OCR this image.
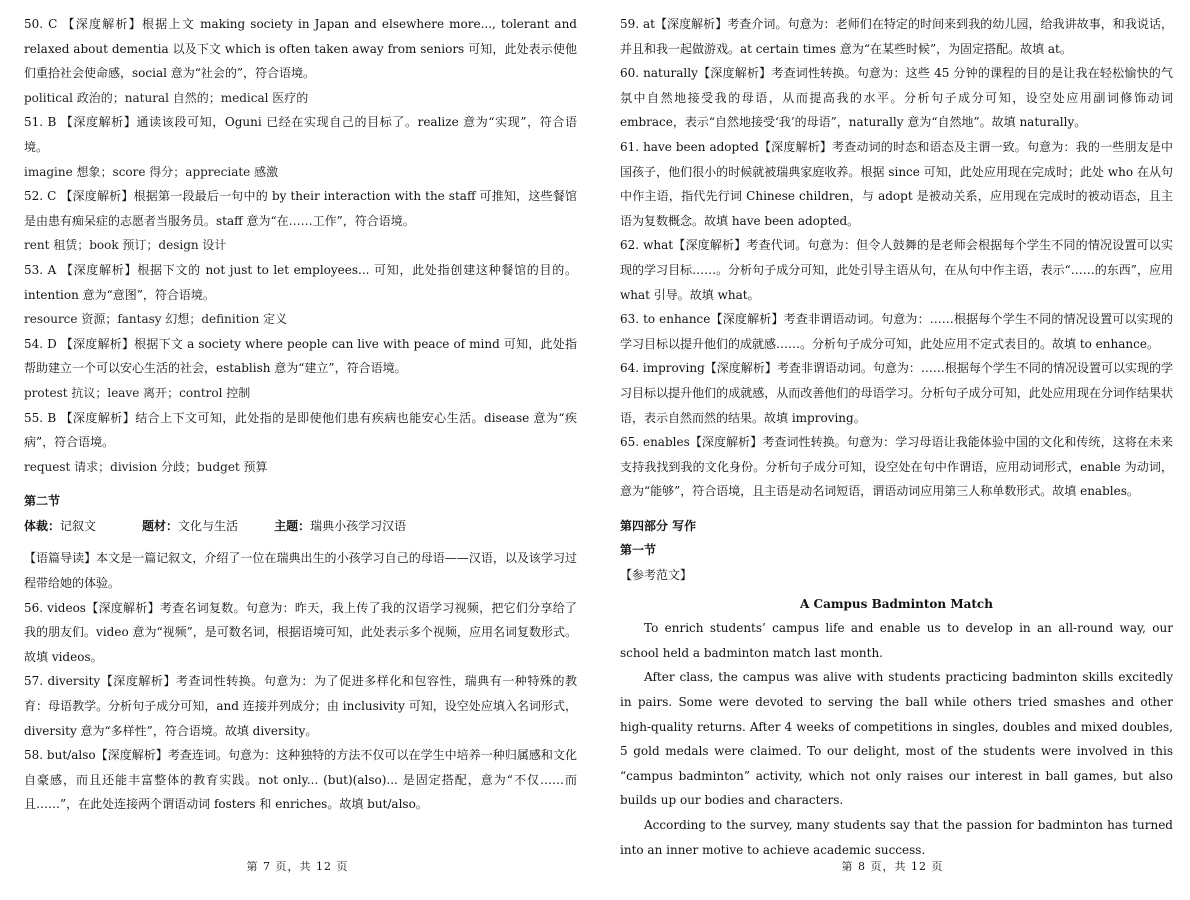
50. C 【深度解析】根据上文 making society in Japan and elsewhere more..., tolerant and relaxed about dementia 以及下文 which is often taken away from seniors 可知，此处表示使他们重拾社会使命感，social 意为“社会的”，符合语境。

political 政治的；natural 自然的；medical 医疗的

51. B 【深度解析】通读该段可知，Oguni 已经在实现自己的目标了。realize 意为“实现”，符合语境。

imagine 想象；score 得分；appreciate 感激

52. C 【深度解析】根据第一段最后一句中的 by their interaction with the staff 可推知，这些餐馆是由患有痴呆症的志愿者当服务员。staff 意为“在……工作”，符合语境。

rent 租赁；book 预订；design 设计

53. A 【深度解析】根据下文的 not just to let employees... 可知，此处指创建这种餐馆的目的。intention 意为“意图”，符合语境。

resource 资源；fantasy 幻想；definition 定义

54. D 【深度解析】根据下文 a society where people can live with peace of mind 可知，此处指帮助建立一个可以安心生活的社会，establish 意为“建立”，符合语境。

protest 抗议；leave 离开；control 控制

55. B 【深度解析】结合上下文可知，此处指的是即使他们患有疾病也能安心生活。disease 意为“疾病”，符合语境。

request 请求；division 分歧；budget 预算

第二节

体裁：记叙文	题材：文化与生活	主题：瑞典小孩学习汉语

【语篇导读】本文是一篇记叙文，介绍了一位在瑞典出生的小孩学习自己的母语——汉语，以及该学习过程带给她的体验。

56. videos【深度解析】考查名词复数。句意为：昨天，我上传了我的汉语学习视频，把它们分享给了我的朋友们。video 意为“视频”，是可数名词，根据语境可知，此处表示多个视频，应用名词复数形式。故填 videos。

57. diversity【深度解析】考查词性转换。句意为：为了促进多样化和包容性，瑞典有一种特殊的教育：母语教学。分析句子成分可知，and 连接并列成分；由 inclusivity 可知，设空处应填入名词形式，diversity 意为“多样性”，符合语境。故填 diversity。

58. but/also【深度解析】考查连词。句意为：这种独特的方法不仅可以在学生中培养一种归属感和文化自豪感，而且还能丰富整体的教育实践。not only... (but)(also)... 是固定搭配，意为“不仅……而且……”，在此处连接两个谓语动词 fosters 和 enriches。故填 but/also。

第 7 页，共 12 页

59. at【深度解析】考查介词。句意为：老师们在特定的时间来到我的幼儿园，给我讲故事，和我说话，并且和我一起做游戏。at certain times 意为“在某些时候”，为固定搭配。故填 at。

60. naturally【深度解析】考查词性转换。句意为：这些 45 分钟的课程的目的是让我在轻松愉快的气氛中自然地接受我的母语，从而提高我的水平。分析句子成分可知，设空处应用副词修饰动词 embrace，表示“自然地接受‘我’的母语”，naturally 意为“自然地”。故填 naturally。

61. have been adopted【深度解析】考查动词的时态和语态及主谓一致。句意为：我的一些朋友是中国孩子，他们很小的时候就被瑞典家庭收养。根据 since 可知，此处应用现在完成时；此处 who 在从句中作主语，指代先行词 Chinese children，与 adopt 是被动关系，应用现在完成时的被动语态，且主语为复数概念。故填 have been adopted。

62. what【深度解析】考查代词。句意为：但令人鼓舞的是老师会根据每个学生不同的情况设置可以实现的学习目标……。分析句子成分可知，此处引导主语从句，在从句中作主语，表示“……的东西”，应用 what 引导。故填 what。

63. to enhance【深度解析】考查非谓语动词。句意为：……根据每个学生不同的情况设置可以实现的学习目标以提升他们的成就感……。分析句子成分可知，此处应用不定式表目的。故填 to enhance。

64. improving【深度解析】考查非谓语动词。句意为：……根据每个学生不同的情况设置可以实现的学习目标以提升他们的成就感，从而改善他们的母语学习。分析句子成分可知，此处应用现在分词作结果状语，表示自然而然的结果。故填 improving。

65. enables【深度解析】考查词性转换。句意为：学习母语让我能体验中国的文化和传统，这将在未来支持我找到我的文化身份。分析句子成分可知，设空处在句中作谓语，应用动词形式，enable 为动词，意为“能够”，符合语境，且主语是动名词短语，谓语动词应用第三人称单数形式。故填 enables。

第四部分 写作

第一节

【参考范文】

A Campus Badminton Match

To enrich students’ campus life and enable us to develop in an all-round way, our school held a badminton match last month.

After class, the campus was alive with students practicing badminton skills excitedly in pairs. Some were devoted to serving the ball while others tried smashes and other high-quality returns. After 4 weeks of competitions in singles, doubles and mixed doubles, 5 gold medals were claimed. To our delight, most of the students were involved in this “campus badminton” activity, which not only raises our interest in ball games, but also builds up our bodies and characters.

According to the survey, many students say that the passion for badminton has turned into an inner motive to achieve academic success.

第 8 页，共 12 页
